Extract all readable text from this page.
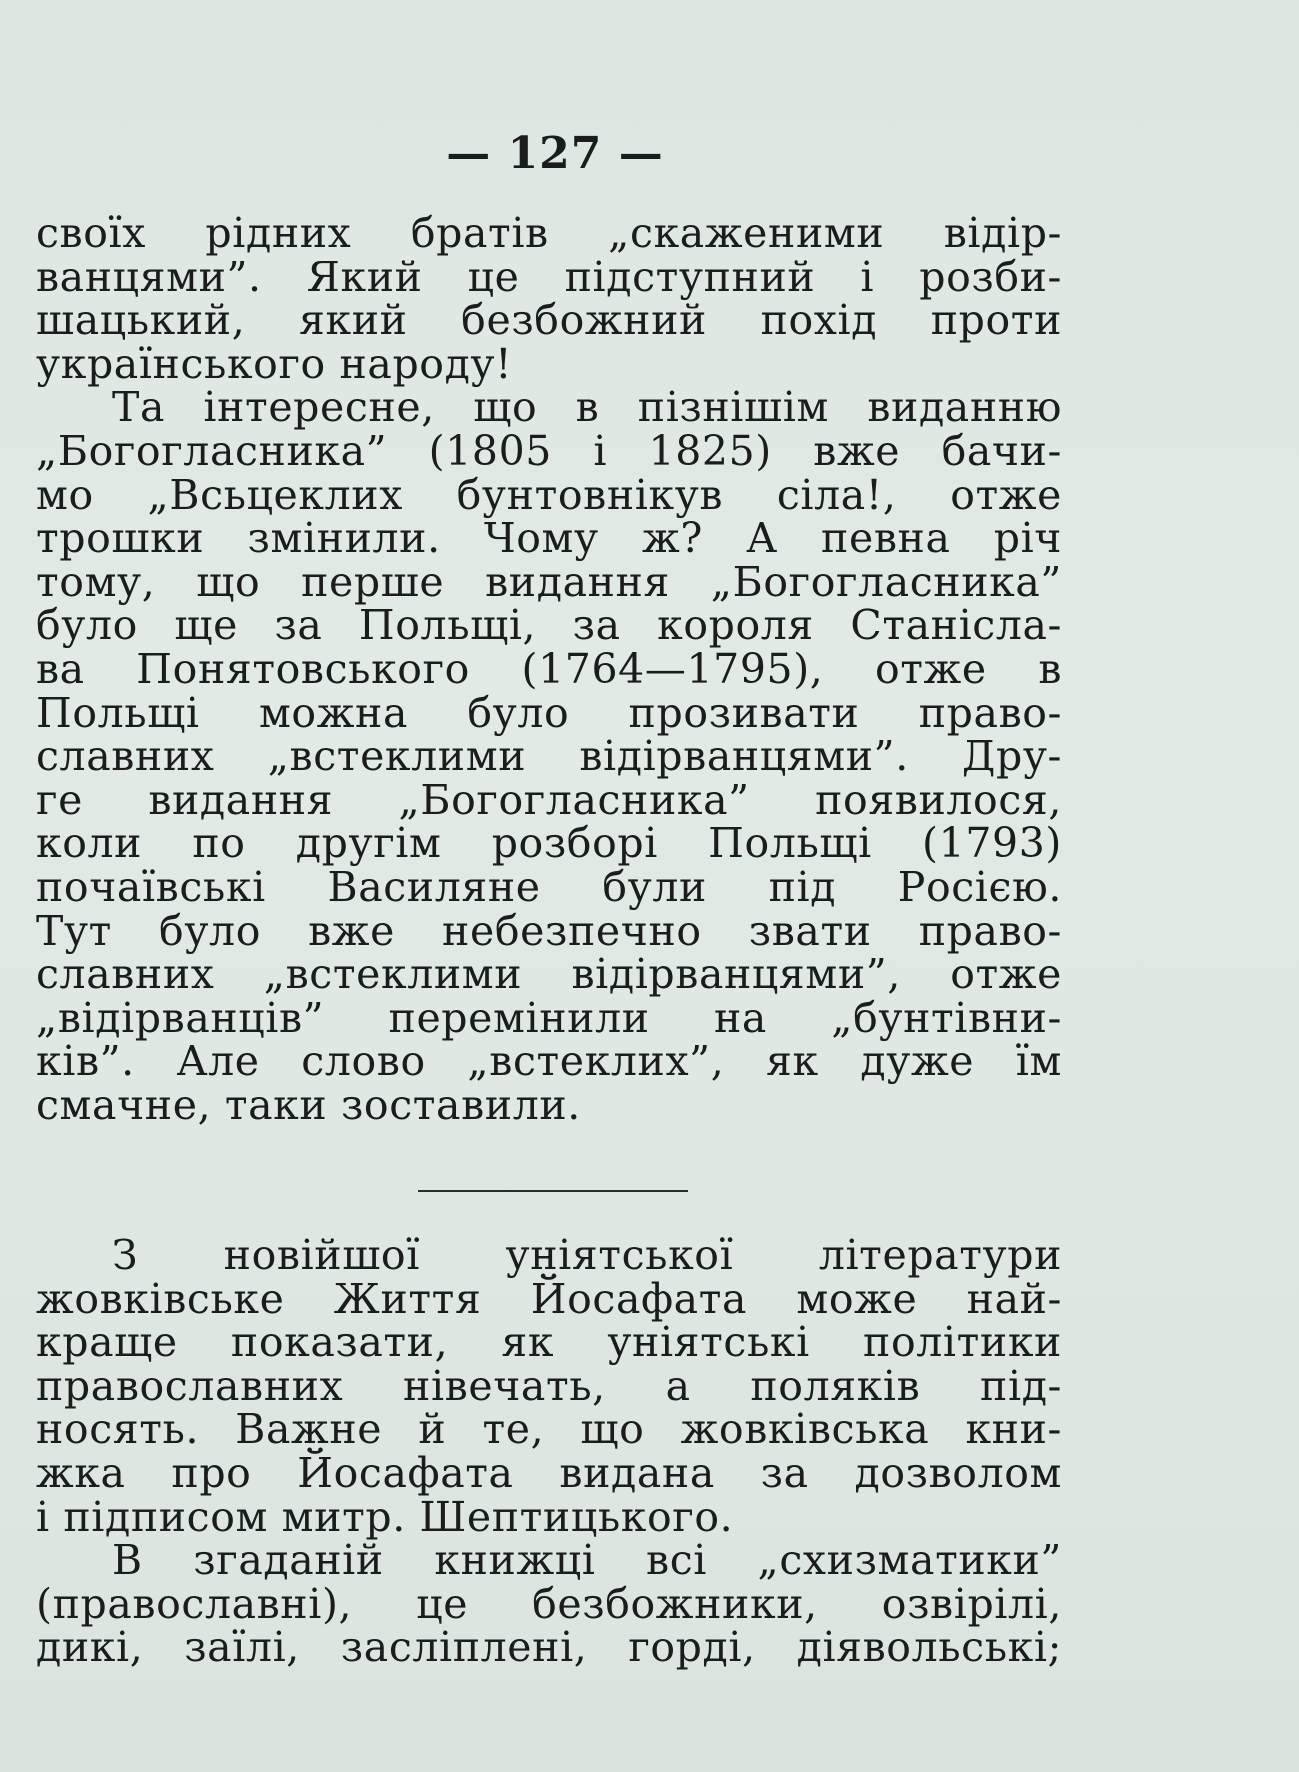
— 127 —
своїх рідних братів „скаженими відір-
ванцями”. Який це підступний і розби-
шацький, який безбожний похід проти
українського народу!
Та інтересне, що в пізнішім виданню
„Богогласника” (1805 і 1825) вже бачи-
мо „Всьцеклих бунтовнікув сіла!, отже
трошки змінили. Чому ж? А певна річ
тому, що перше видання „Богогласника”
було ще за Польщі, за короля Станісла-
ва Понятовського (1764—1795), отже в
Польщі можна було прозивати право-
славних „встеклими відірванцями”. Дру-
ге видання „Богогласника” появилося,
коли по другім розборі Польщі (1793)
почаївські Василяне були під Росією.
Тут було вже небезпечно звати право-
славних „встеклими відірванцями”, отже
„відірванців” перемінили на „бунтівни-
ків”. Але слово „встеклих”, як дуже їм
смачне, таки зоставили.
З новійшої уніятської літератури
жовківське Життя Йосафата може най-
краще показати, як уніятські політики
православних нівечать, а поляків під-
носять. Важне й те, що жовківська кни-
жка про Йосафата видана за дозволом
і підписом митр. Шептицького.
В згаданій книжці всі „схизматики”
(православні), це безбожники, озвірілі,
дикі, заїлі, засліплені, горді, діявольські;
